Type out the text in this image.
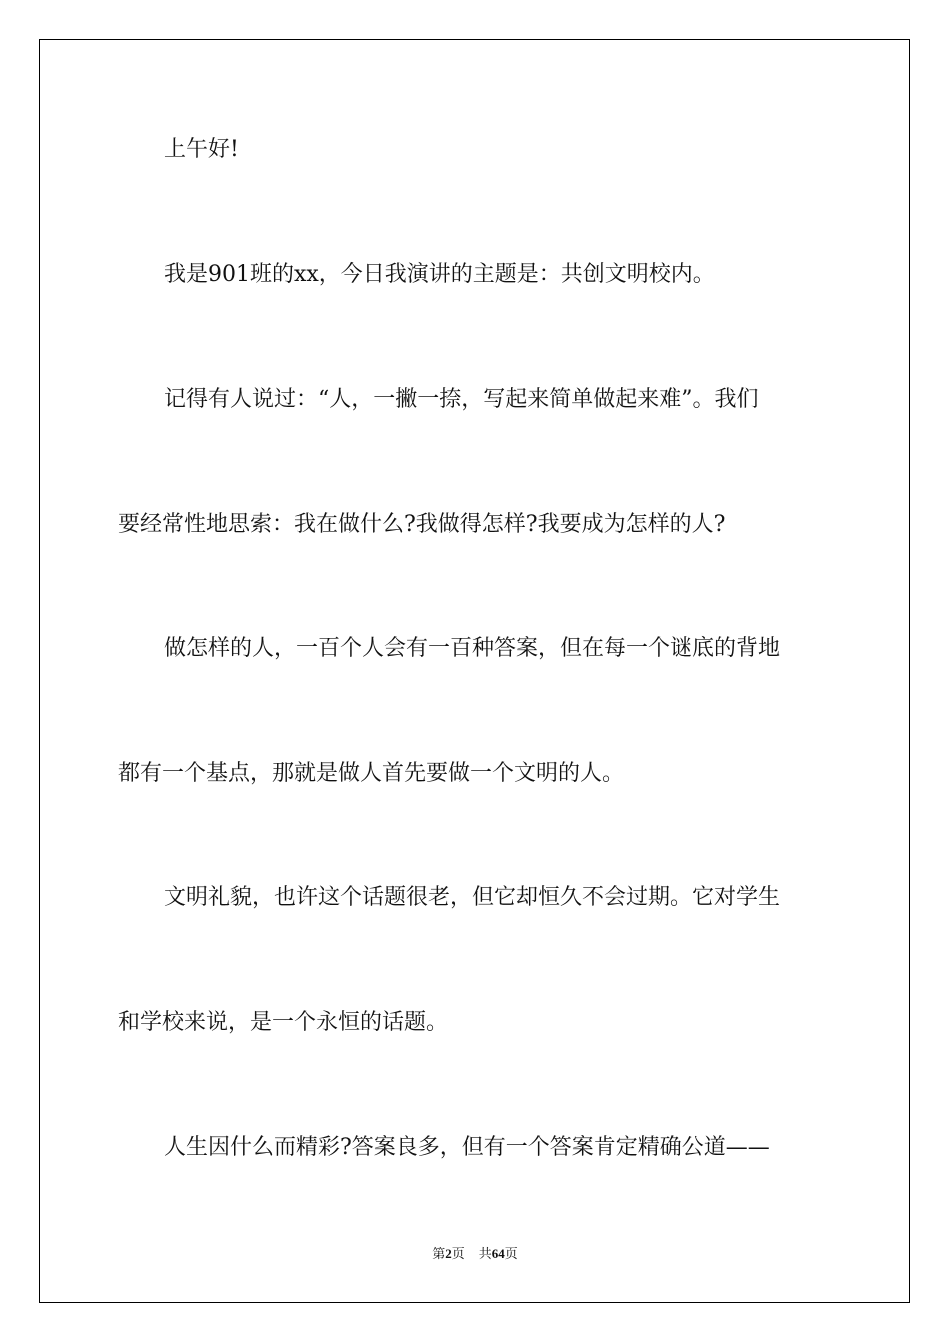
上午好!

我是901班的xx，今日我演讲的主题是：共创文明校内。

记得有人说过：“人，一撇一捺，写起来简单做起来难”。我们

要经常性地思索：我在做什么?我做得怎样?我要成为怎样的人?

做怎样的人，一百个人会有一百种答案，但在每一个谜底的背地

都有一个基点，那就是做人首先要做一个文明的人。

文明礼貌，也许这个话题很老，但它却恒久不会过期。它对学生

和学校来说，是一个永恒的话题。

人生因什么而精彩?答案良多，但有一个答案肯定精确公道——

第2页 共64页
